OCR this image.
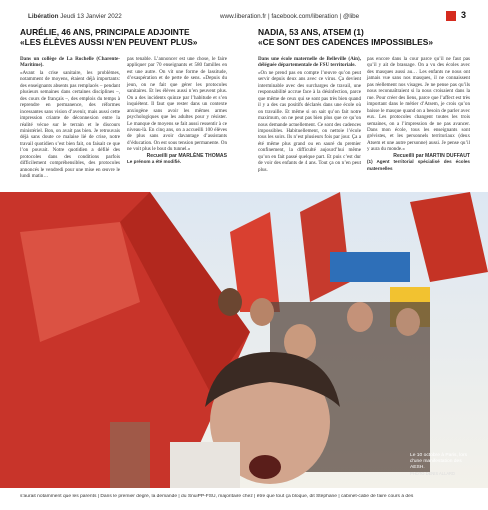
Libération Jeudi 13 Janvier 2022	www.liberation.fr | facebook.com/liberation | @libe	3
AURÉLIE, 46 ANS, PRINCIPALE ADJOINTE
«LES ÉLÈVES AUSSI N’EN PEUVENT PLUS»

Dans un collège de La Rochelle (Charente-Maritime).

«Avant la crise sanitaire, les problèmes, notamment de moyens, étaient déjà importants: des enseignants absents pas remplacés – pendant plusieurs semaines dans certaines disciplines –, des cours de français –, des emplois du temps à reprendre en permanence, des réformes incessantes sans vision d’avenir, mais aussi cette impression criante de déconnexion entre la réalité vécue sur le terrain et le discours ministériel. Bon, on avait pas bien. Je retrouvais déjà sans doute ce malaise lié de crise, notre travail quotidien s’est bien fait, on faisait ce que l’on pouvait. Notre quotidien a défilé des protocoles dans des conditions parfois difficilement compréhensibles, des protocoles annoncés le vendredi pour une mise en œuvre le lundi matin…

pas tenable. L’annoncer est une chose, le faire appliquer par 70 enseignants et 580 familles en est une autre. On vit une forme de lassitude, d’exaspération et de perte de sens. «Depuis du jeun, on ne fait que gérer les protocoles sanitaires. Et les élèves aussi n’en peuvent plus. On a des incidents quinze par l’habitude et s’en inquiétent. Il faut que rester dans un contexte anxiogène sans avoir les mêmes armes psychologiques que les adultes pour y résister. Le manque de moyens se fait aussi ressentir à ce niveau-là. En cinq ans, on a accueilli 100 élèves de plus sans avoir davantage d’assistants d’éducation. On est sous tension permanente. On ne voit plus le bout du tunnel.»

Recueilli par MARLÈNE THOMAS

Le prénom a été modifié.

NADIA, 53 ANS, ATSEM (1)
«CE SONT DES CADENCES IMPOSSIBLES»

Dans une école maternelle de Belleville (Ain), déléguée départementale de FSU territoriale.

«On ne prend pas en compte l’œuvre qu’on peut servir depuis deux ans avec ce virus. Ça devient interminable avec des surcharges de travail, une responsabilité accrue face à la désinfection, parce que même de ceux qui se sont pas très bien quand il y a des cas positifs déclarés dans une école où on travaille. Et même si on sait qu’on fait notre maximum, on ne peut pas bien plus que ce qu’on nous demande actuellement. Ce sont des cadences impossibles. Habituellement, on nettoie l’école tous les soirs. Ils n’est plusieurs fois par jour. Ça a été même plus grand ou en sauré du premier confinement, la difficulté aujourd’hui même qu’on en fait passé quelque part. Et puis c’est dur de voir des enfants de 4 ans. Tout ça on n’en peut plus.

pas encore dans la cour parce qu’il ne faut pas qu’il y ait de brassage. On a vu des écoles avec des masques aussi au… Les enfants ne nous ont jamais vue sans nos masques, il ne connaissent pas réellement nos visages. Je ne pense pas qu’ils nous reconnaîtraient si la nous croisaient dans la rue. Pour créer des liens, parce que l’affect est très important dans le métier d’Atsem, je crois qu’on baisse le masque quand on a besoin de parler avec eux. Les protocoles changent toutes les trois semaines, on a l’impression de ne pas avancer. Dans mon école, tous les enseignants sont grévistes, et les personnels territoriaux (deux Atsem et une autre personne) aussi. Je pense qu’il y aura du monde.»

Recueilli par MARTIN DUFFAUT

(1) Agent territorial spécialisé des écoles maternelles

Le 10 octobre à Paris, lors d’une manifestation des AESH.
PHOTO DENIS ALLARD
s’aurait notamment que les parents | Dans le premier degré, la demande | du SnuiPP-FSU, majoritaire chez | être que tout ça bloque, dit Stéphane | cabinet-cabe de faire cours à des
